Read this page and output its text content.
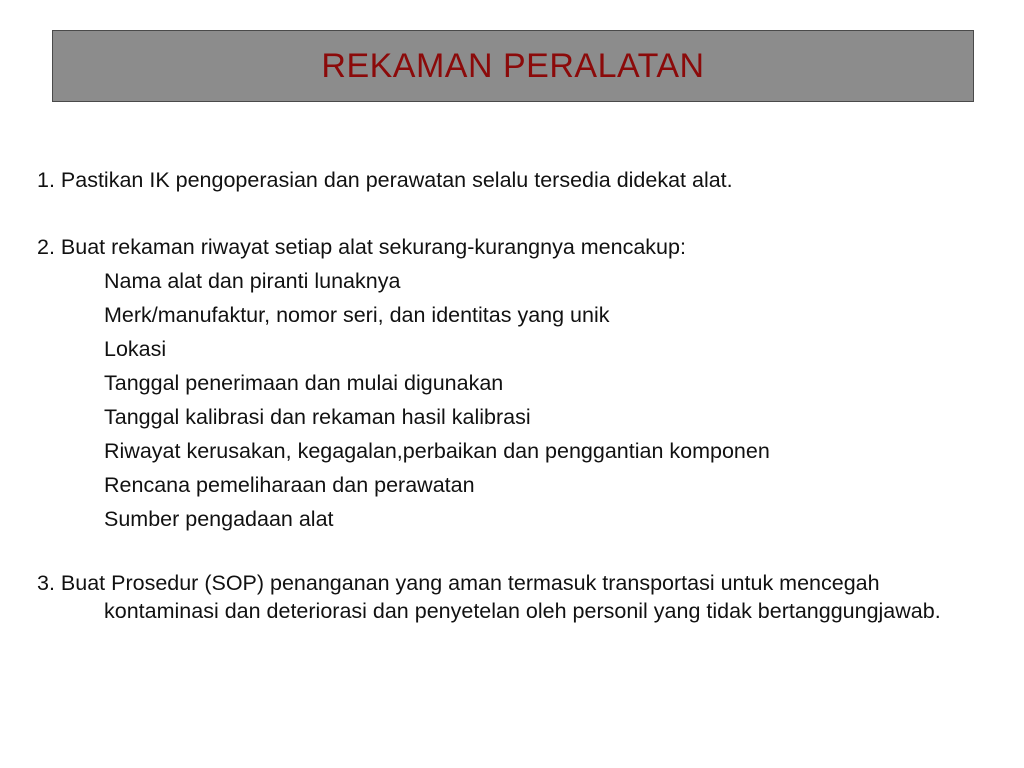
REKAMAN PERALATAN

1. Pastikan IK pengoperasian dan perawatan selalu tersedia didekat alat.

2. Buat rekaman riwayat setiap alat sekurang-kurangnya mencakup:

Nama alat dan piranti lunaknya
Merk/manufaktur, nomor seri, dan identitas yang unik
Lokasi
Tanggal penerimaan dan mulai digunakan
Tanggal kalibrasi dan rekaman hasil kalibrasi
Riwayat kerusakan, kegagalan,perbaikan dan penggantian komponen
Rencana pemeliharaan dan perawatan
Sumber pengadaan alat

3. Buat Prosedur (SOP) penanganan yang aman termasuk transportasi untuk mencegah kontaminasi dan deteriorasi dan penyetelan oleh personil yang tidak bertanggungjawab.
